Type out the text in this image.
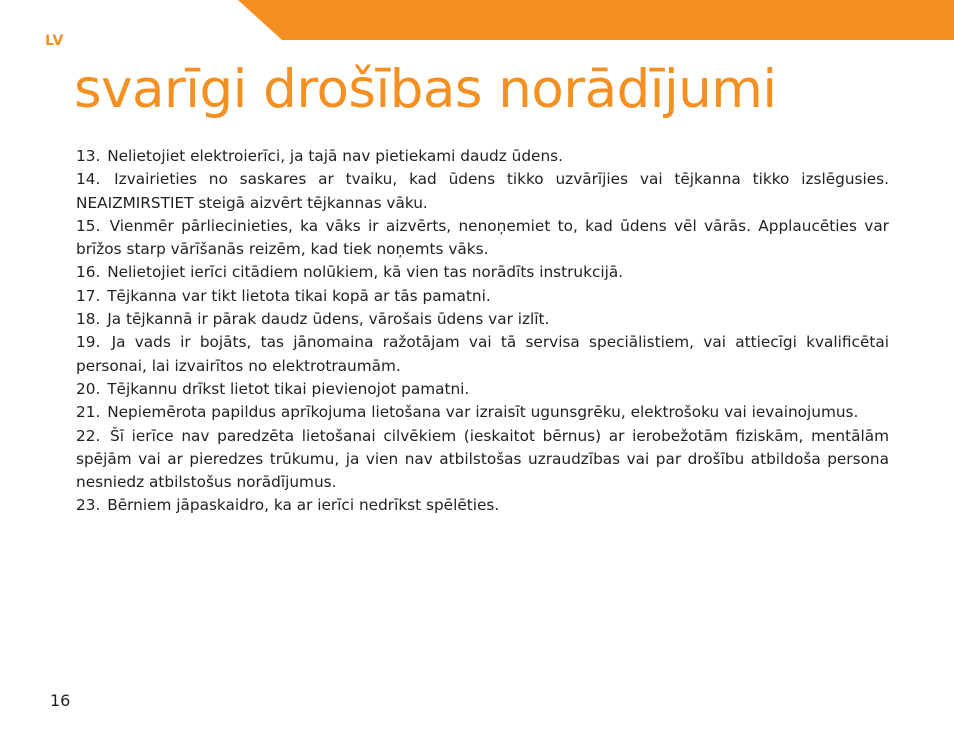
LV
svarīgi drošības norādījumi

13. Nelietojiet elektroierīci, ja tajā nav pietiekami daudz ūdens.

14. Izvairieties no saskares ar tvaiku, kad ūdens tikko uzvārījies vai tējkanna tikko izslēgusies. NEAIZMIRSTIET steigā aizvērt tējkannas vāku.

15. Vienmēr pārliecinieties, ka vāks ir aizvērts, nenoņemiet to, kad ūdens vēl vārās. Applaucēties var brīžos starp vārīšanās reizēm, kad tiek noņemts vāks.

16. Nelietojiet ierīci citādiem nolūkiem, kā vien tas norādīts instrukcijā.

17. Tējkanna var tikt lietota tikai kopā ar tās pamatni.

18. Ja tējkannā ir pārak daudz ūdens, vārošais ūdens var izlīt.

19. Ja vads ir bojāts, tas jānomaina ražotājam vai tā servisa speciālistiem, vai attiecīgi kvalificētai personai, lai izvairītos no elektrotraumām.

20. Tējkannu drīkst lietot tikai pievienojot pamatni.

21. Nepiemērota papildus aprīkojuma lietošana var izraisīt ugunsgrēku, elektrošoku vai ievainojumus.

22. Šī ierīce nav paredzēta lietošanai cilvēkiem (ieskaitot bērnus) ar ierobežotām fiziskām, mentālām spējām vai ar pieredzes trūkumu, ja vien nav atbilstošas uzraudzības vai par drošību atbildoša persona nesniedz atbilstošus norādījumus.

23. Bērniem jāpaskaidro, ka ar ierīci nedrīkst spēlēties.

16
